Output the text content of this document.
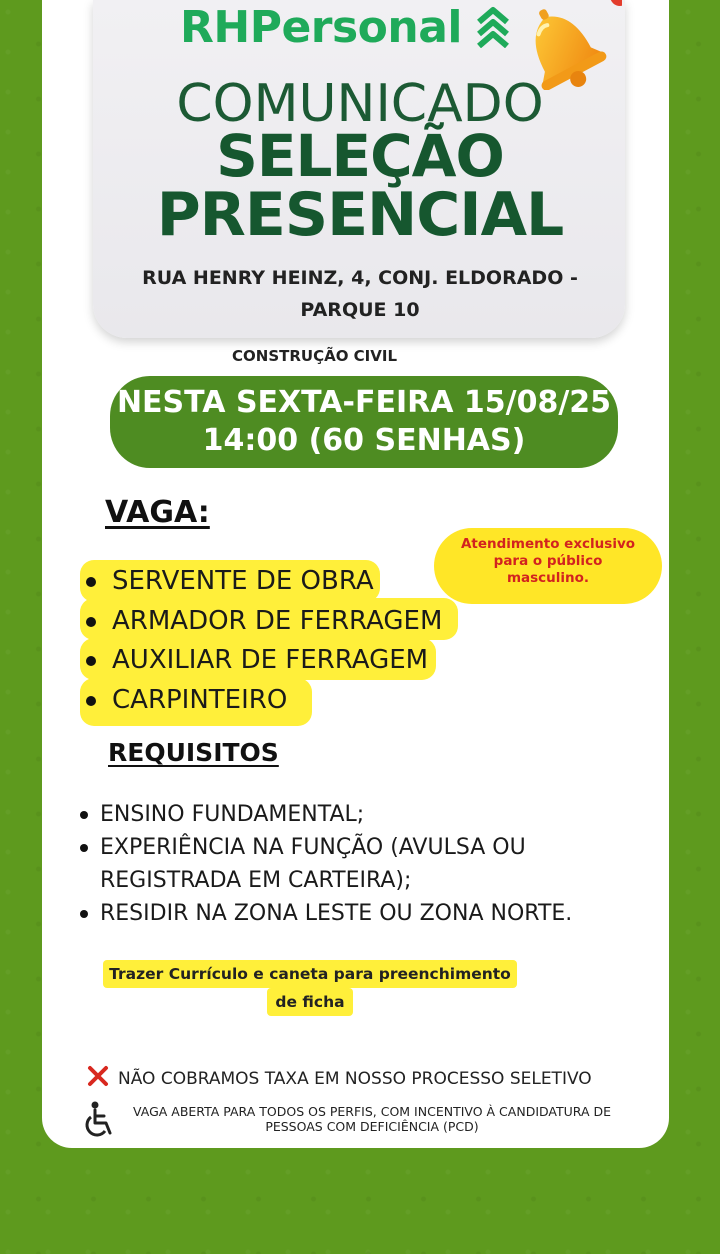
RHPersonal
COMUNICADO
SELEÇÃO
PRESENCIAL
RUA HENRY HEINZ, 4, CONJ. ELDORADO -
PARQUE 10
CONSTRUÇÃO CIVIL
NESTA SEXTA-FEIRA 15/08/25
14:00 (60 SENHAS)
VAGA:
Atendimento exclusivo
para o público
masculino.
SERVENTE DE OBRA
ARMADOR DE FERRAGEM
AUXILIAR DE FERRAGEM
CARPINTEIRO
REQUISITOS
ENSINO FUNDAMENTAL;
EXPERIÊNCIA NA FUNÇÃO (AVULSA OU REGISTRADA EM CARTEIRA);
RESIDIR NA ZONA LESTE OU ZONA NORTE.
Trazer Currículo e caneta para preenchimento
de ficha
NÃO COBRAMOS TAXA EM NOSSO PROCESSO SELETIVO
VAGA ABERTA PARA TODOS OS PERFIS, COM INCENTIVO À CANDIDATURA DE
PESSOAS COM DEFICIÊNCIA (PCD)
